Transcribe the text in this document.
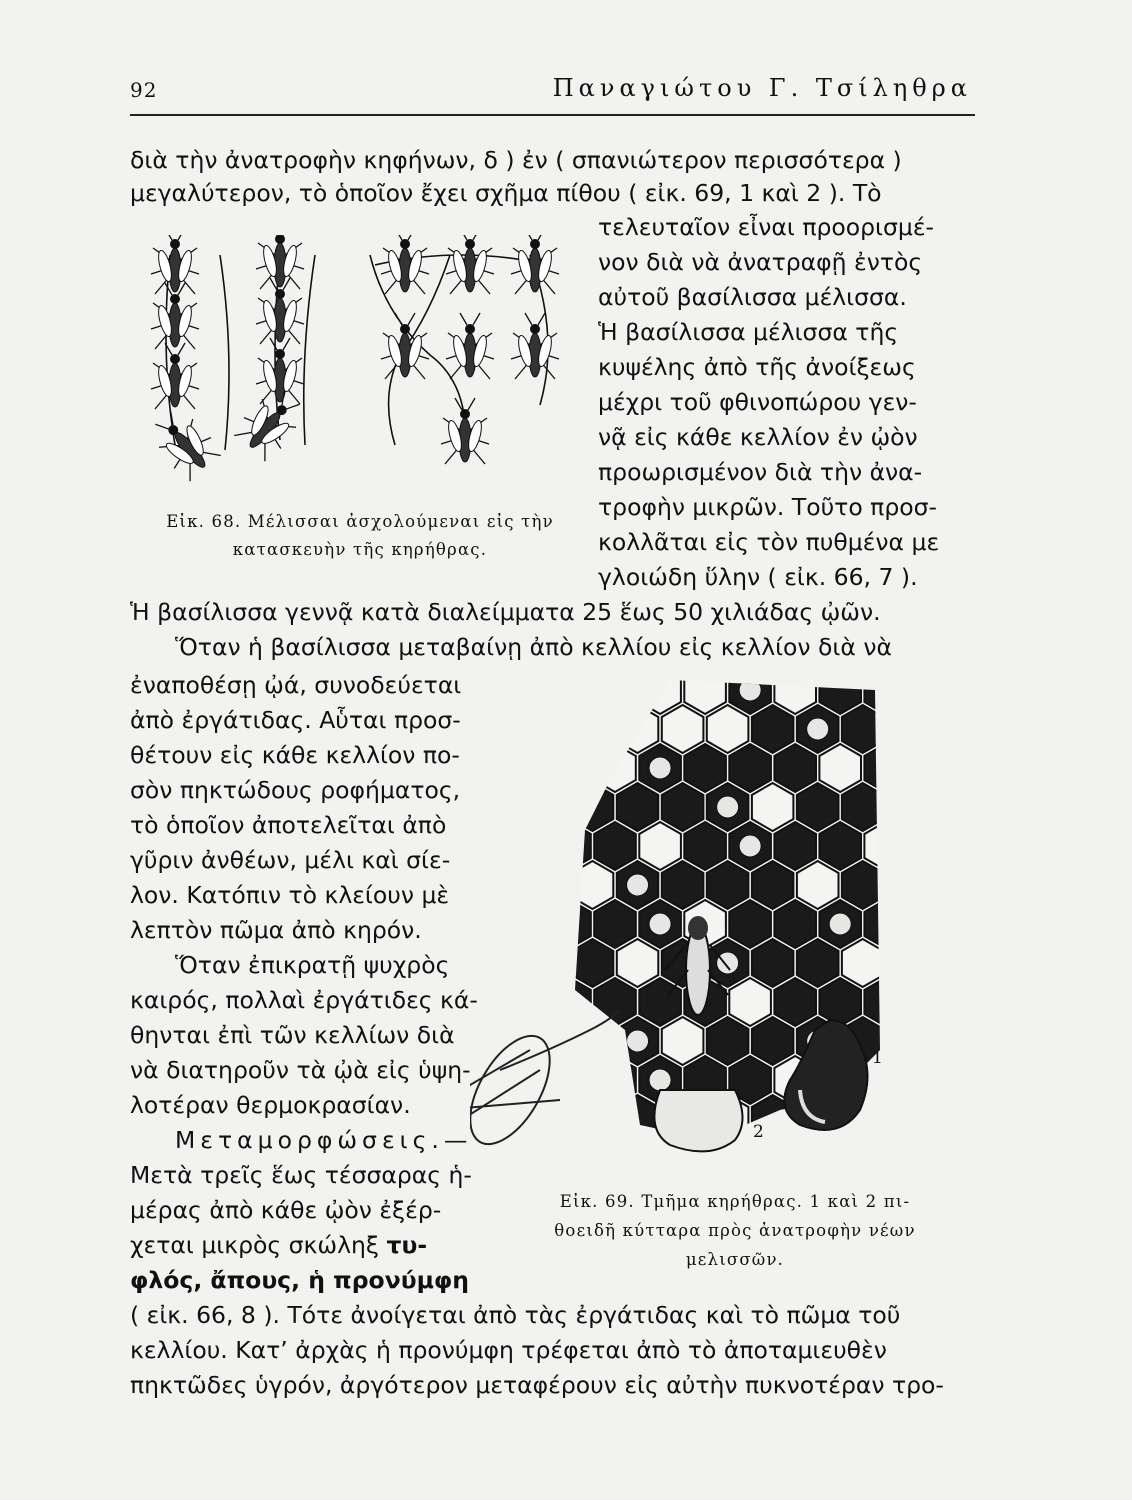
92	Παναγιώτου Γ. Τσίληθρα
διὰ τὴν ἀνατροφὴν κηφήνων, δ ) ἐν ( σπανιώτερον περισσότερα )
μεγαλύτερον, τὸ ὁποῖον ἔχει σχῆμα πίθου ( εἰκ. 69, 1 καὶ 2 ). Τὸ
τελευταῖον εἶναι προορισμέ-
νον διὰ νὰ ἀνατραφῇ ἐντὸς
αὐτοῦ βασίλισσα μέλισσα.
Ἡ βασίλισσα μέλισσα τῆς
κυψέλης ἀπὸ τῆς ἀνοίξεως
μέχρι τοῦ φθινοπώρου γεν-
νᾷ εἰς κάθε κελλίον ἐν ᾠὸν
προωρισμένον διὰ τὴν ἀνα-
τροφὴν μικρῶν. Τοῦτο προσ-
κολλᾶται εἰς τὸν πυθμένα με
γλοιώδη ὕλην ( εἰκ. 66, 7 ).
Ἡ βασίλισσα γεννᾷ κατὰ διαλείμματα 25 ἕως 50 χιλιάδας ᾠῶν.
Ὅταν ἡ βασίλισσα μεταβαίνῃ ἀπὸ κελλίου εἰς κελλίον διὰ νὰ
ἐναποθέσῃ ᾠά, συνοδεύεται
ἀπὸ ἐργάτιδας. Αὗται προσ-
θέτουν εἰς κάθε κελλίον πο-
σὸν πηκτώδους ροφήματος,
τὸ ὁποῖον ἀποτελεῖται ἀπὸ
γῦριν ἀνθέων, μέλι καὶ σίε-
λον. Κατόπιν τὸ κλείουν μὲ
λεπτὸν πῶμα ἀπὸ κηρόν.
Ὅταν ἐπικρατῇ ψυχρὸς
καιρός, πολλαὶ ἐργάτιδες κά-
θηνται ἐπὶ τῶν κελλίων διὰ
νὰ διατηροῦν τὰ ᾠὰ εἰς ὑψη-
λοτέραν θερμοκρασίαν.
Μεταμορφώσεις.—
Μετὰ τρεῖς ἕως τέσσαρας ἡ-
μέρας ἀπὸ κάθε ᾠὸν ἐξέρ-
χεται μικρὸς σκώληξ τυ-
φλός, ἄπους, ἡ προνύμφη
( εἰκ. 66, 8 ). Τότε ἀνοίγεται ἀπὸ τὰς ἐργάτιδας καὶ τὸ πῶμα τοῦ
κελλίου. Κατ’ ἀρχὰς ἡ προνύμφη τρέφεται ἀπὸ τὸ ἀποταμιευθὲν
πηκτῶδες ὑγρόν, ἀργότερον μεταφέρουν εἰς αὐτὴν πυκνοτέραν τρο-
Εἰκ. 68. Μέλισσαι ἀσχολούμεναι εἰς τὴν
κατασκευὴν τῆς κηρήθρας.
1
2
Εἰκ. 69. Τμῆμα κηρήθρας. 1 καὶ 2 πι-
θοειδῆ κύτταρα πρὸς ἀνατροφὴν νέων
μελισσῶν.
